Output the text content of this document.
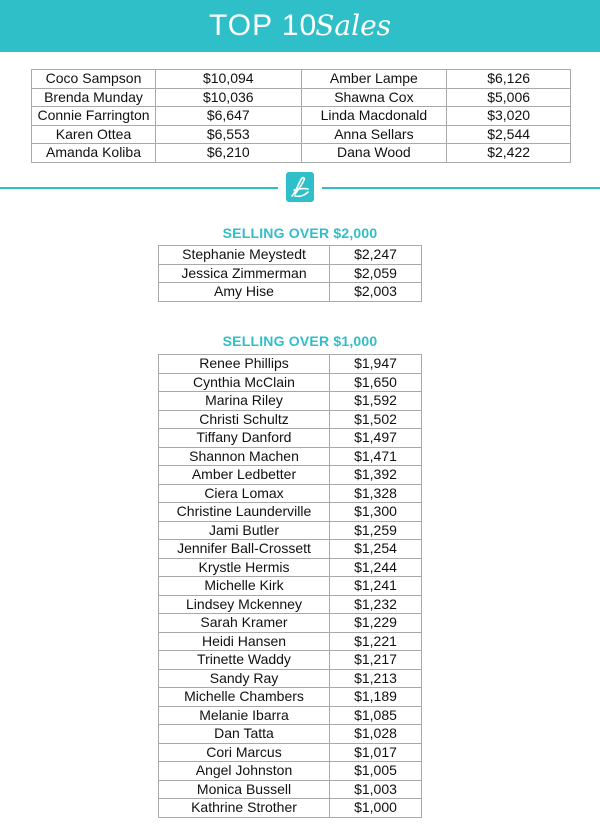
TOP 10Sales
Coco Sampson	$10,094	Amber Lampe	$6,126
Brenda Munday	$10,036	Shawna Cox	$5,006
Connie Farrington	$6,647	Linda Macdonald	$3,020
Karen Ottea	$6,553	Anna Sellars	$2,544
Amanda Koliba	$6,210	Dana Wood	$2,422
SELLING OVER $2,000
Stephanie Meystedt	$2,247
Jessica Zimmerman	$2,059
Amy Hise	$2,003
SELLING OVER $1,000
Renee Phillips	$1,947
Cynthia McClain	$1,650
Marina Riley	$1,592
Christi Schultz	$1,502
Tiffany Danford	$1,497
Shannon Machen	$1,471
Amber Ledbetter	$1,392
Ciera Lomax	$1,328
Christine Launderville	$1,300
Jami Butler	$1,259
Jennifer Ball-Crossett	$1,254
Krystle Hermis	$1,244
Michelle Kirk	$1,241
Lindsey Mckenney	$1,232
Sarah Kramer	$1,229
Heidi Hansen	$1,221
Trinette Waddy	$1,217
Sandy Ray	$1,213
Michelle Chambers	$1,189
Melanie Ibarra	$1,085
Dan Tatta	$1,028
Cori Marcus	$1,017
Angel Johnston	$1,005
Monica Bussell	$1,003
Kathrine Strother	$1,000
